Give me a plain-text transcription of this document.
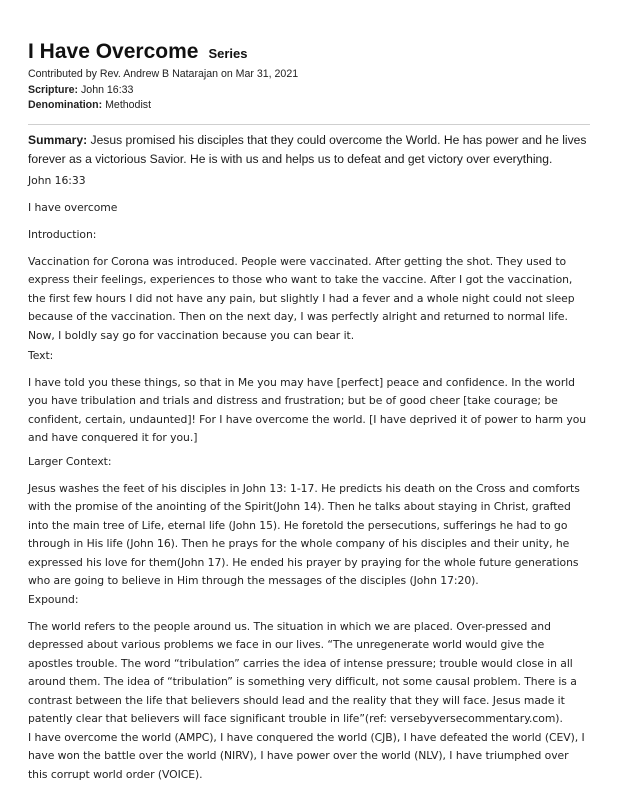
I Have Overcome Series
Contributed by Rev. Andrew B Natarajan on Mar 31, 2021
Scripture: John 16:33
Denomination: Methodist
Summary: Jesus promised his disciples that they could overcome the World. He has power and he lives forever as a victorious Savior. He is with us and helps us to defeat and get victory over everything.

John 16:33

I have overcome

Introduction:

Vaccination for Corona was introduced. People were vaccinated. After getting the shot. They used to express their feelings, experiences to those who want to take the vaccine. After I got the vaccination, the first few hours I did not have any pain, but slightly I had a fever and a whole night could not sleep because of the vaccination. Then on the next day, I was perfectly alright and returned to normal life. Now, I boldly say go for vaccination because you can bear it.

Text:

I have told you these things, so that in Me you may have [perfect] peace and confidence. In the world you have tribulation and trials and distress and frustration; but be of good cheer [take courage; be confident, certain, undaunted]! For I have overcome the world. [I have deprived it of power to harm you and have conquered it for you.]

Larger Context:

Jesus washes the feet of his disciples in John 13: 1-17. He predicts his death on the Cross and comforts with the promise of the anointing of the Spirit(John 14). Then he talks about staying in Christ, grafted into the main tree of Life, eternal life (John 15). He foretold the persecutions, sufferings he had to go through in His life (John 16). Then he prays for the whole company of his disciples and their unity, he expressed his love for them(John 17). He ended his prayer by praying for the whole future generations who are going to believe in Him through the messages of the disciples (John 17:20).

Expound:

The world refers to the people around us. The situation in which we are placed. Over-pressed and depressed about various problems we face in our lives. “The unregenerate world would give the apostles trouble. The word “tribulation” carries the idea of intense pressure; trouble would close in all around them. The idea of “tribulation” is something very difficult, not some causal problem. There is a contrast between the life that believers should lead and the reality that they will face. Jesus made it patently clear that believers will face significant trouble in life”(ref: versebyversecommentary.com).

I have overcome the world (AMPC), I have conquered the world (CJB), I have defeated the world (CEV), I have won the battle over the world (NIRV), I have power over the world (NLV), I have triumphed over this corrupt world order (VOICE).
